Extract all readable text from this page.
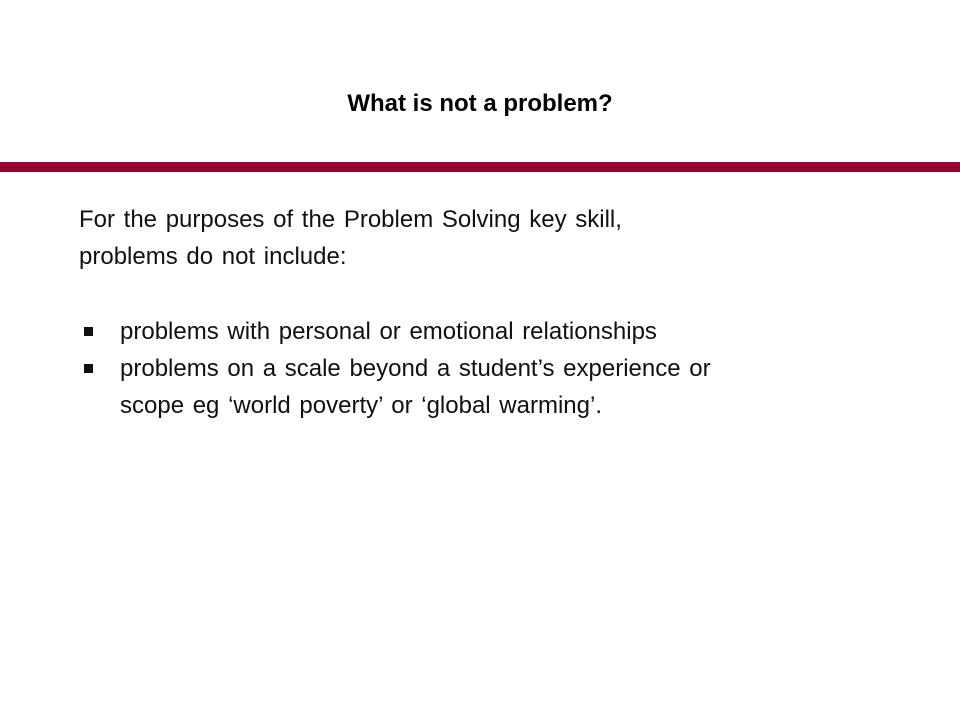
What is not a problem?

For the purposes of the Problem Solving key skill,
problems do not include:

problems with personal or emotional relationships
problems on a scale beyond a student’s experience or
scope eg ‘world poverty’ or ‘global warming’.
